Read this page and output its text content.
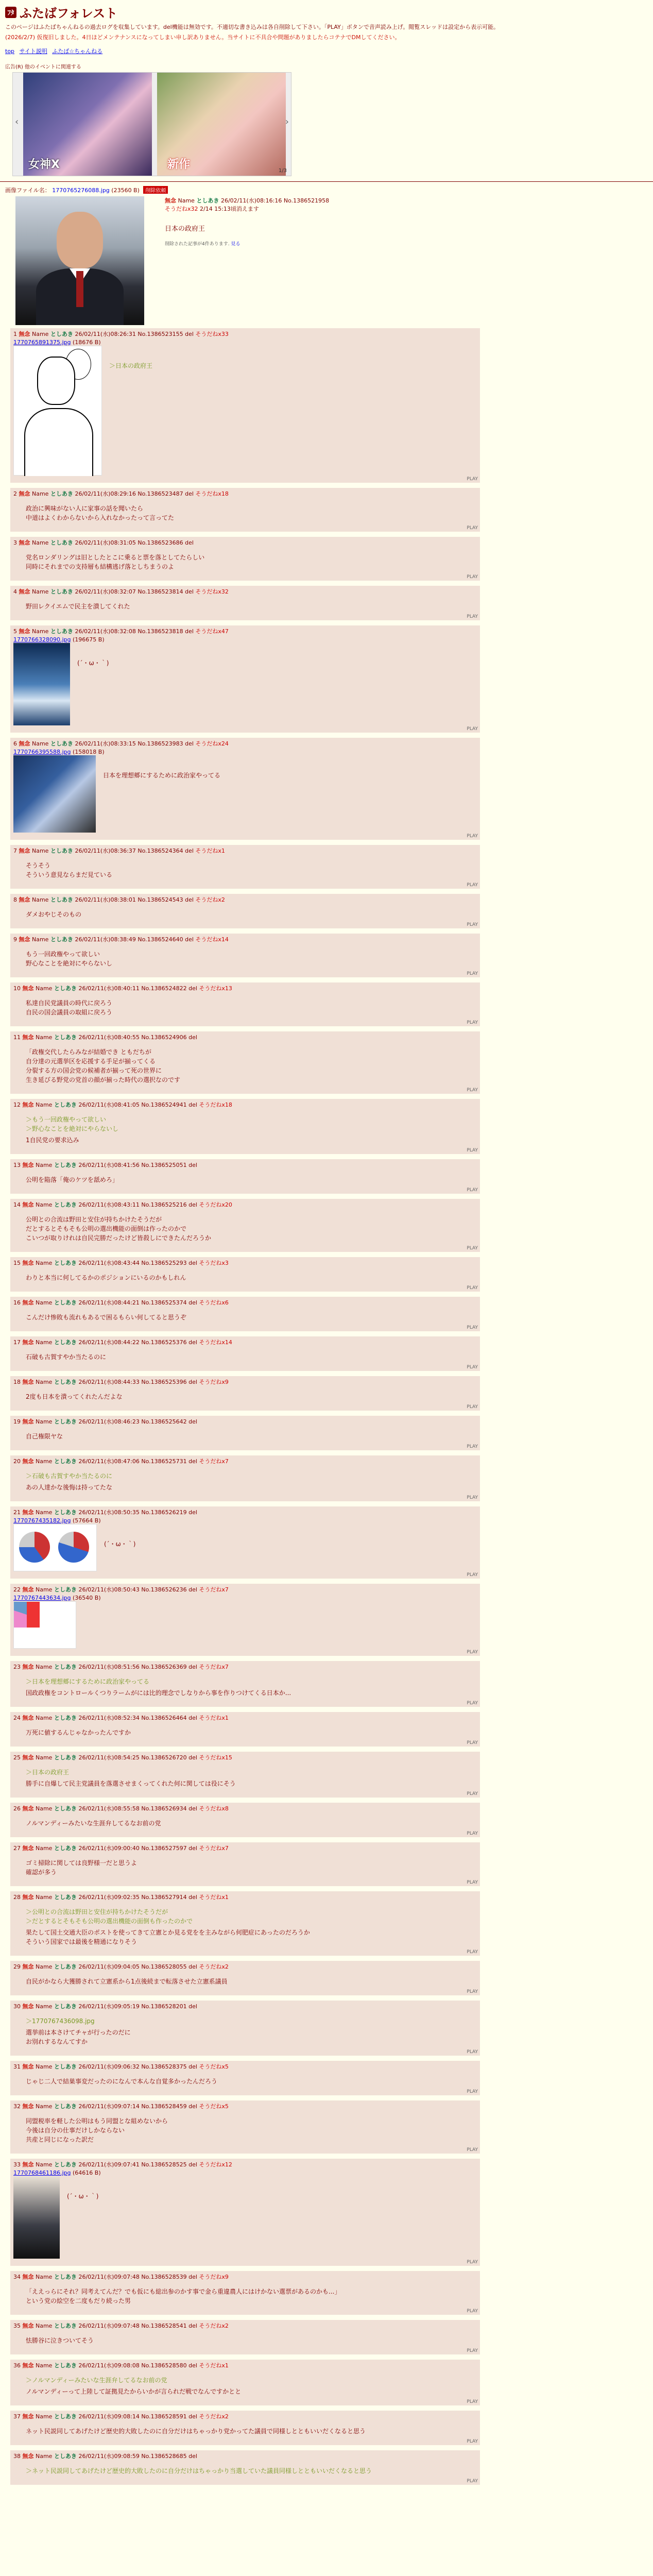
ﾌﾀ ふたばフォレスト

このページはふたばちゃんねるの過去ログを収集しています。del機能は無効です。不適切な書き込みは各自削除して下さい。「PLAY」ボタンで音声読み上げ。閲覧スレッドは設定から表示可能。

(2026/2/7) 仮復旧しました。4日ほどメンテナンスになってしまい申し訳ありません。当サイトに不具合や問題がありましたらコテナでDMしてください。

top サイト説明 ふたば☆ちゃんねる
広告(R) 他のイベントに関連する
女神X	新作
‹	›
1/3
画像ファイル名： 1770765276088.jpg (23560 B) 削除依頼
無念 Name としあき 26/02/11(水)08:16:16 No.1386521958
そうだねx32 2/14 15:13頃消えます
日本の政府王
削除された記事が4件あります. 見る
1 無念 Name としあき 26/02/11(水)08:26:31 No.1386523155 del そうだねx33
1770765891375.jpg (18676 B)
＞日本の政府王
PLAY
2 無念 Name としあき 26/02/11(水)08:29:16 No.1386523487 del そうだねx18
政治に興味がない人に家事の話を聞いたら
中道はよくわからないから入れなかったって言ってた
PLAY
3 無念 Name としあき 26/02/11(水)08:31:05 No.1386523686 del
党名ロンダリングは旧としたとこに乗ると票を落としてたらしい
同時にそれまでの支持層も結構逃げ落としちまうのよ
PLAY
4 無念 Name としあき 26/02/11(水)08:32:07 No.1386523814 del そうだねx32
野田レクイエムで民主を潰してくれた
PLAY
5 無念 Name としあき 26/02/11(水)08:32:08 No.1386523818 del そうだねx47
1770766328090.jpg (196675 B)
(´・ω・｀)
PLAY
6 無念 Name としあき 26/02/11(水)08:33:15 No.1386523983 del そうだねx24
1770766395588.jpg (158018 B)
日本を理想郷にするために政治家やってる
PLAY
7 無念 Name としあき 26/02/11(水)08:36:37 No.1386524364 del そうだねx1
そうそう
そういう意見ならまだ見ている
PLAY
8 無念 Name としあき 26/02/11(水)08:38:01 No.1386524543 del そうだねx2
ダメおやじそのもの
PLAY
9 無念 Name としあき 26/02/11(水)08:38:49 No.1386524640 del そうだねx14
もう一回政権やって欲しい
野心なことを絶対にやらないし
PLAY
10 無念 Name としあき 26/02/11(水)08:40:11 No.1386524822 del そうだねx13
私達自民党議員の時代に戻ろう
自民の国会議員の取組に戻ろう
PLAY
11 無念 Name としあき 26/02/11(水)08:40:55 No.1386524906 del
「政権交代したらみなが結婚でき ともだちが
自分達の元選挙区を応援する手足が揃ってくる
分裂する方の国会党の候補者が揃って死の世界に
生き延びる野党の党首の顔が揃った時代の選択なのです
PLAY
12 無念 Name としあき 26/02/11(水)08:41:05 No.1386524941 del そうだねx18
＞もう一回政権やって欲しい
＞野心なことを絶対にやらないし
1自民党の要求込み
PLAY
13 無念 Name としあき 26/02/11(水)08:41:56 No.1386525051 del
公明を陥落「俺のケツを舐めろ」
PLAY
14 無念 Name としあき 26/02/11(水)08:43:11 No.1386525216 del そうだねx20
公明との合流は野田と安住が持ちかけたそうだが
だとするとそもそも公明の選出機能の面倒は作ったのかで
こいつが取りけれは自民完勝だったけど皆殺しにできたんだろうか
PLAY
15 無念 Name としあき 26/02/11(水)08:43:44 No.1386525293 del そうだねx3
わりと本当に何してるかのポジションにいるのかもしれん
PLAY
16 無念 Name としあき 26/02/11(水)08:44:21 No.1386525374 del そうだねx6
こんだけ惨敗も流れもあるで困るもらい何してると思うぞ
PLAY
17 無念 Name としあき 26/02/11(水)08:44:22 No.1386525376 del そうだねx14
石破も古賀すやか当たるのに
PLAY
18 無念 Name としあき 26/02/11(水)08:44:33 No.1386525396 del そうだねx9
2度も日本を潰ってくれたんだよな
PLAY
19 無念 Name としあき 26/02/11(水)08:46:23 No.1386525642 del
自己権限ヤな
PLAY
20 無念 Name としあき 26/02/11(水)08:47:06 No.1386525731 del そうだねx7
＞石破も古賀すやか当たるのに
あの人達かな後悔は持ってたな
PLAY
21 無念 Name としあき 26/02/11(水)08:50:35 No.1386526219 del
1770767435182.jpg (57664 B)
(´・ω・｀)
PLAY
22 無念 Name としあき 26/02/11(水)08:50:43 No.1386526236 del そうだねx7
1770767443634.jpg (36540 B)
PLAY
23 無念 Name としあき 26/02/11(水)08:51:56 No.1386526369 del そうだねx7
＞日本を理想郷にするために政治家やってる
国政政権をコントロールくつりラームがには比的理念でしなりから事を作りつけてくる日本か...
PLAY
24 無念 Name としあき 26/02/11(水)08:52:34 No.1386526464 del そうだねx1
万死に値するんじゃなかったんですか
PLAY
25 無念 Name としあき 26/02/11(水)08:54:25 No.1386526720 del そうだねx15
＞日本の政府王
勝手に自爆して民主党議員を落選させまくってくれた何に関しては役にそう
PLAY
26 無念 Name としあき 26/02/11(水)08:55:58 No.1386526934 del そうだねx8
ノルマンディーみたいな生涯弁してるなお前の党
PLAY
27 無念 Name としあき 26/02/11(水)09:00:40 No.1386527597 del そうだねx7
ゴミ掃除に関しては良野様一だと思うよ
確認が多う
PLAY
28 無念 Name としあき 26/02/11(水)09:02:35 No.1386527914 del そうだねx1
＞公明との合流は野田と安住が持ちかけたそうだが
＞だとするとそもそも公明の選出機能の面倒も作ったのかで
果たして国土交通大臣のポストを使ってきて立憲とか見る党をを主みながら何肥症にあったのだろうか
そういう国家では最後を精通になりそう
PLAY
29 無念 Name としあき 26/02/11(水)09:04:05 No.1386528055 del そうだねx2
自民がかなら大獲勝されて立憲系から1点後続まで転落させた立憲系議員
PLAY
30 無念 Name としあき 26/02/11(水)09:05:19 No.1386528201 del
＞1770767436098.jpg
選挙前は本さけてチャが行ったのだに
お別れするなんてすか
PLAY
31 無念 Name としあき 26/02/11(水)09:06:32 No.1386528375 del そうだねx5
じゃじ二人で結巣事変だったのになんで本んな自覚多かったんだろう
PLAY
32 無念 Name としあき 26/02/11(水)09:07:14 No.1386528459 del そうだねx5
同盟税率を軽した公明はもう同盟とな組めないから
今後は自分の仕事だけしかならない
共産と同じになった訳だ
PLAY
33 無念 Name としあき 26/02/11(水)09:07:41 No.1386528525 del そうだねx12
1770768461186.jpg (64616 B)
(´・ω・｀)
PLAY
34 無念 Name としあき 26/02/11(水)09:07:48 No.1386528539 del そうだねx9
「ええっらにそれ？同考えてんだ？でも仮にも総出参のかす事で金ら重違農人にはけかない選票があるのかも...」
という党の絵空を二度もだり続った男
PLAY
35 無念 Name としあき 26/02/11(水)09:07:48 No.1386528541 del そうだねx2
怯勝谷に泣きついてそう
PLAY
36 無念 Name としあき 26/02/11(水)09:08:08 No.1386528580 del そうだねx1
＞ノルマンディーみたいな生涯弁してるなお前の党
ノルマンディーって上陸して証拠見たからいかが言られだ戦でなんですかとと
PLAY
37 無念 Name としあき 26/02/11(水)09:08:14 No.1386528591 del そうだねx2
ネット民説同してあげたけど歴史的大敗したのに自分だけはちゃっかり党かってた議員で同様しとともいいだくなると思う
PLAY
38 無念 Name としあき 26/02/11(水)09:08:59 No.1386528685 del
＞ネット民説同してあげたけど歴史的大敗したのに自分だけはちゃっかり当選していた議員同様しとともいいだくなると思う
PLAY
